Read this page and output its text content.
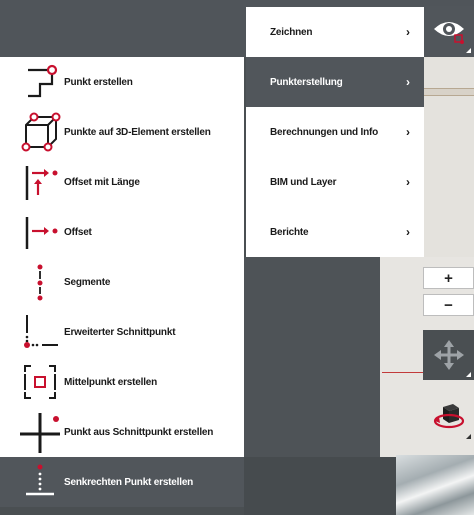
+
−
Zeichnen	›
Punkterstellung	›
Berechnungen und Info ›
BIM und Layer	›
Berichte	›
Punkt erstellen
Punkte auf 3D-Element erstellen
Offset mit Länge
Offset
Segmente
Erweiterter Schnittpunkt
Mittelpunkt erstellen
Punkt aus Schnittpunkt erstellen
Senkrechten Punkt erstellen
